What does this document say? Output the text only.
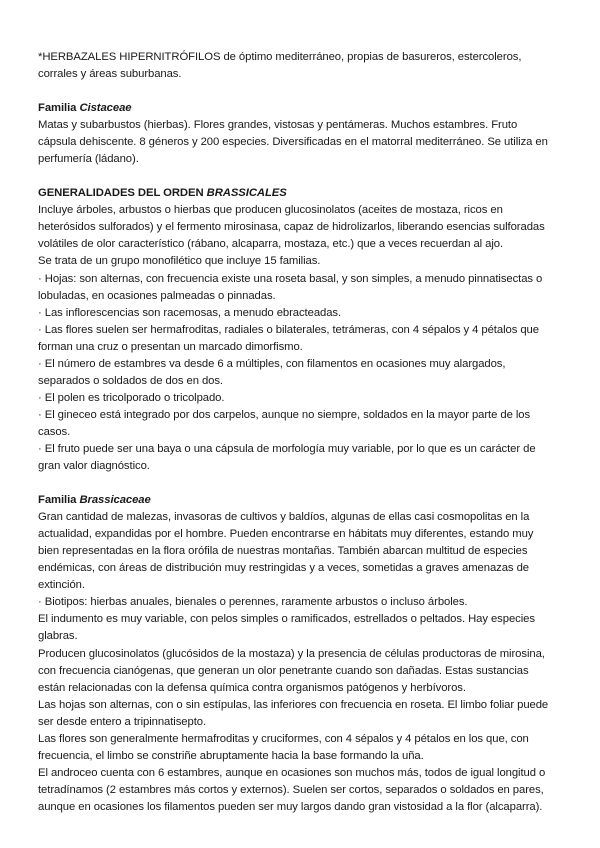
*HERBAZALES HIPERNITRÓFILOS de óptimo mediterráneo, propias de basureros, estercoleros, corrales y áreas suburbanas.

Familia Cistaceae

Matas y subarbustos (hierbas). Flores grandes, vistosas y pentámeras. Muchos estambres. Fruto cápsula dehiscente. 8 géneros y 200 especies. Diversificadas en el matorral mediterráneo. Se utiliza en perfumería (ládano).

GENERALIDADES DEL ORDEN BRASSICALES

Incluye árboles, arbustos o hierbas que producen glucosinolatos (aceites de mostaza, ricos en heterósidos sulforados) y el fermento mirosinasa, capaz de hidrolizarlos, liberando esencias sulforadas volátiles de olor característico (rábano, alcaparra, mostaza, etc.) que a veces recuerdan al ajo.

Se trata de un grupo monofilético que incluye 15 familias.

· Hojas: son alternas, con frecuencia existe una roseta basal, y son simples, a menudo pinnatisectas o lobuladas, en ocasiones palmeadas o pinnadas.

· Las inflorescencias son racemosas, a menudo ebracteadas.

· Las flores suelen ser hermafroditas, radiales o bilaterales, tetrámeras, con 4 sépalos y 4 pétalos que forman una cruz o presentan un marcado dimorfismo.

· El número de estambres va desde 6 a múltiples, con filamentos en ocasiones muy alargados, separados o soldados de dos en dos.

· El polen es tricolporado o tricolpado.

· El gineceo está integrado por dos carpelos, aunque no siempre, soldados en la mayor parte de los casos.

· El fruto puede ser una baya o una cápsula de morfología muy variable, por lo que es un carácter de gran valor diagnóstico.

Familia Brassicaceae

Gran cantidad de malezas, invasoras de cultivos y baldíos, algunas de ellas casi cosmopolitas en la actualidad, expandidas por el hombre. Pueden encontrarse en hábitats muy diferentes, estando muy bien representadas en la flora orófila de nuestras montañas. También abarcan multitud de especies endémicas, con áreas de distribución muy restringidas y a veces, sometidas a graves amenazas de extinción.

· Biotipos: hierbas anuales, bienales o perennes, raramente arbustos o incluso árboles.

El indumento es muy variable, con pelos simples o ramificados, estrellados o peltados. Hay especies glabras.

Producen glucosinolatos (glucósidos de la mostaza) y la presencia de células productoras de mirosina, con frecuencia cianógenas, que generan un olor penetrante cuando son dañadas. Estas sustancias están relacionadas con la defensa química contra organismos patógenos y herbívoros.

Las hojas son alternas, con o sin estípulas, las inferiores con frecuencia en roseta. El limbo foliar puede ser desde entero a tripinnatisepto.

Las flores son generalmente hermafroditas y cruciformes, con 4 sépalos y 4 pétalos en los que, con frecuencia, el limbo se constriñe abruptamente hacia la base formando la uña.

El androceo cuenta con 6 estambres, aunque en ocasiones son muchos más, todos de igual longitud o tetradínamos (2 estambres más cortos y externos). Suelen ser cortos, separados o soldados en pares, aunque en ocasiones los filamentos pueden ser muy largos dando gran vistosidad a la flor (alcaparra).
